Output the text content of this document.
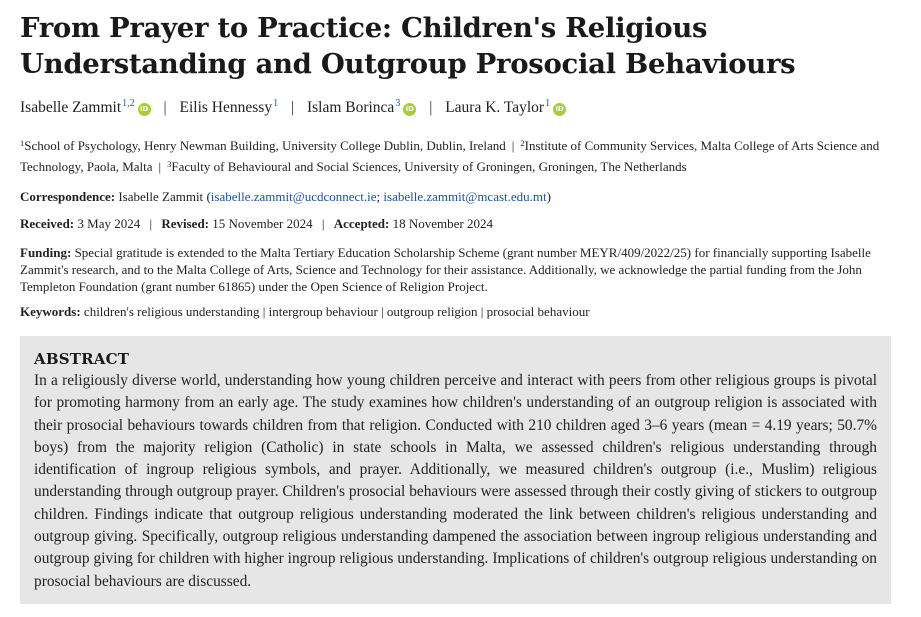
From Prayer to Practice: Children's Religious Understanding and Outgroup Prosocial Behaviours
Isabelle Zammit$^{1,2}$ iD | Eilis Hennessy$^1$ | Islam Borinca$^3$ iD | Laura K. Taylor$^1$ iD
$^1$School of Psychology, Henry Newman Building, University College Dublin, Dublin, Ireland | $^2$Institute of Community Services, Malta College of Arts Science and Technology, Paola, Malta | $^3$Faculty of Behavioural and Social Sciences, University of Groningen, Groningen, The Netherlands
Correspondence: Isabelle Zammit (isabelle.zammit@ucdconnect.ie; isabelle.zammit@mcast.edu.mt)
Received: 3 May 2024 | Revised: 15 November 2024 | Accepted: 18 November 2024
Funding: Special gratitude is extended to the Malta Tertiary Education Scholarship Scheme (grant number MEYR/409/2022/25) for financially supporting Isabelle Zammit's research, and to the Malta College of Arts, Science and Technology for their assistance. Additionally, we acknowledge the partial funding from the John Templeton Foundation (grant number 61865) under the Open Science of Religion Project.
Keywords: children's religious understanding | intergroup behaviour | outgroup religion | prosocial behaviour
ABSTRACT

In a religiously diverse world, understanding how young children perceive and interact with peers from other religious groups is pivotal for promoting harmony from an early age. The study examines how children's understanding of an outgroup religion is associated with their prosocial behaviours towards children from that religion. Conducted with 210 children aged 3–6 years (mean = 4.19 years; 50.7% boys) from the majority religion (Catholic) in state schools in Malta, we assessed children's religious understanding through identification of ingroup religious symbols, and prayer. Additionally, we measured children's outgroup (i.e., Muslim) religious understanding through outgroup prayer. Children's prosocial behaviours were assessed through their costly giving of stickers to outgroup children. Findings indicate that outgroup religious understanding moderated the link between children's religious understanding and outgroup giving. Specifically, outgroup religious understanding dampened the association between ingroup religious understanding and outgroup giving for children with higher ingroup religious understanding. Implications of children's outgroup religious understanding on prosocial behaviours are discussed.
